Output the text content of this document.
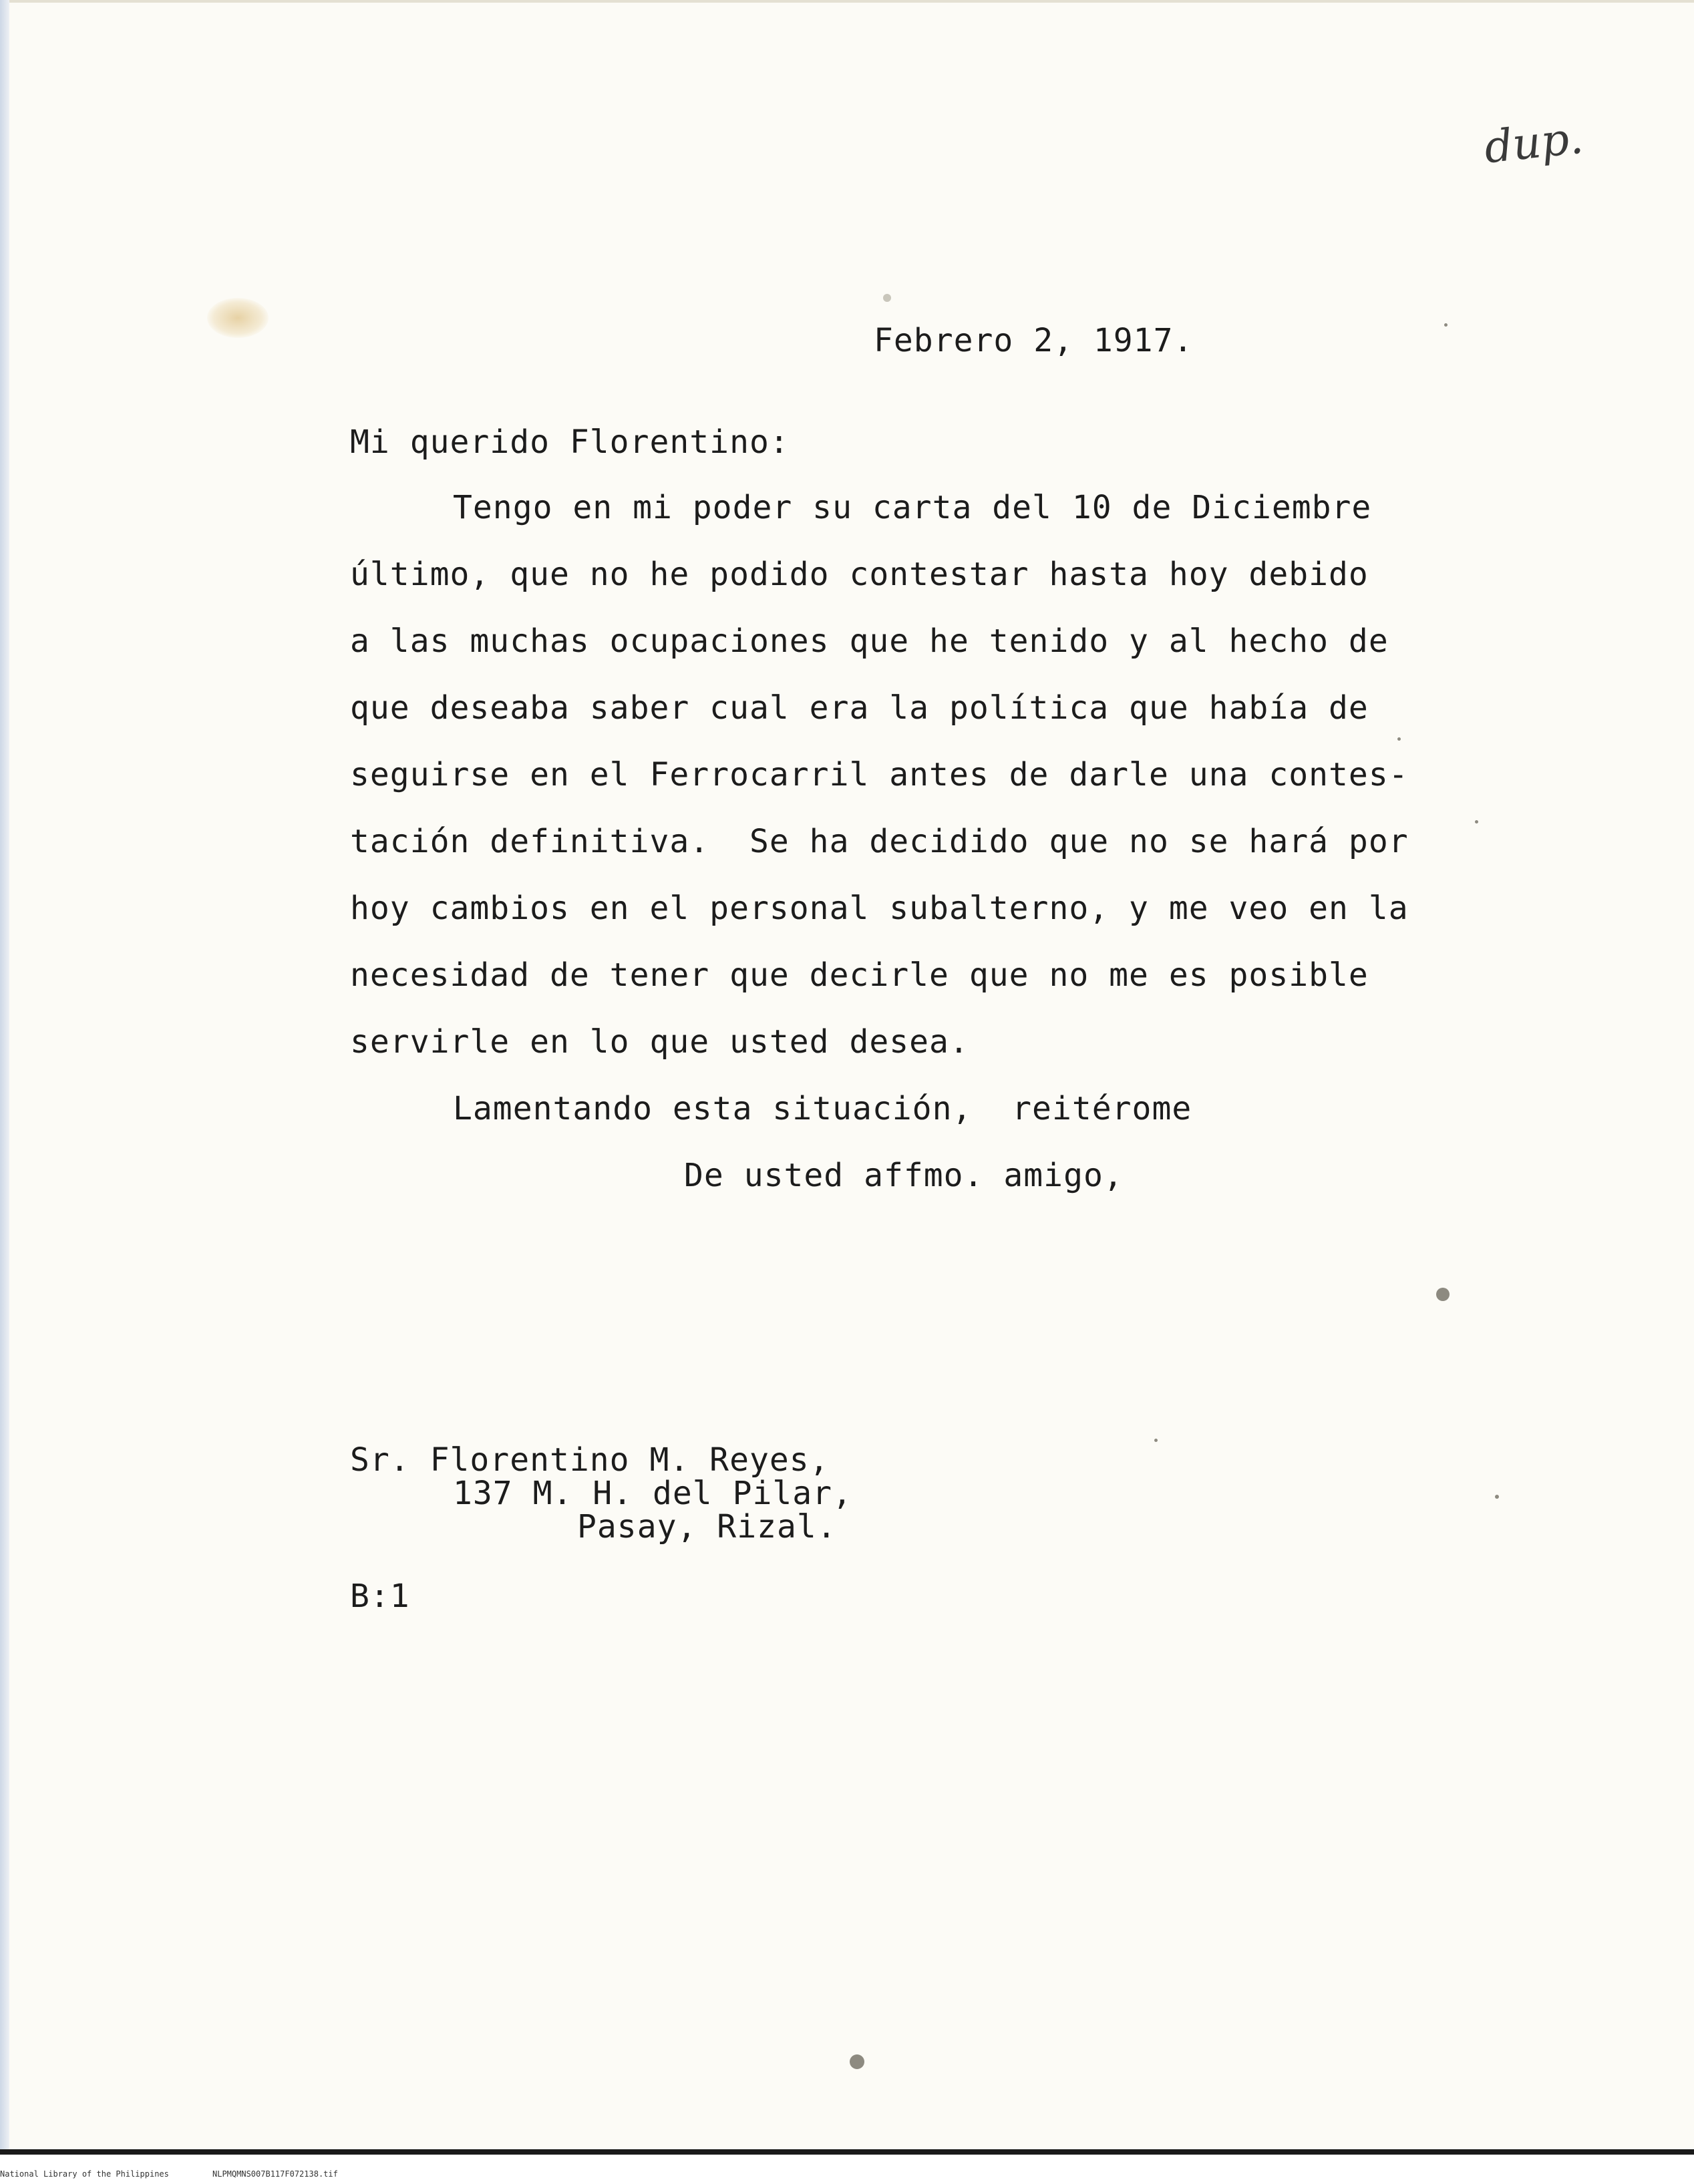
dup.
Febrero 2, 1917.
Mi querido Florentino:
Tengo en mi poder su carta del 10 de Diciembre
último, que no he podido contestar hasta hoy debido
a las muchas ocupaciones que he tenido y al hecho de
que deseaba saber cual era la política que había de
seguirse en el Ferrocarril antes de darle una contes-
tación definitiva.  Se ha decidido que no se hará por
hoy cambios en el personal subalterno, y me veo en la
necesidad de tener que decirle que no me es posible
servirle en lo que usted desea.
Lamentando esta situación,  reitérome
De usted affmo. amigo,
Sr. Florentino M. Reyes,
137 M. H. del Pilar,
Pasay, Rizal.
B:1
National Library of the Philippines	NLPMQMNS007B117F072138.tif
